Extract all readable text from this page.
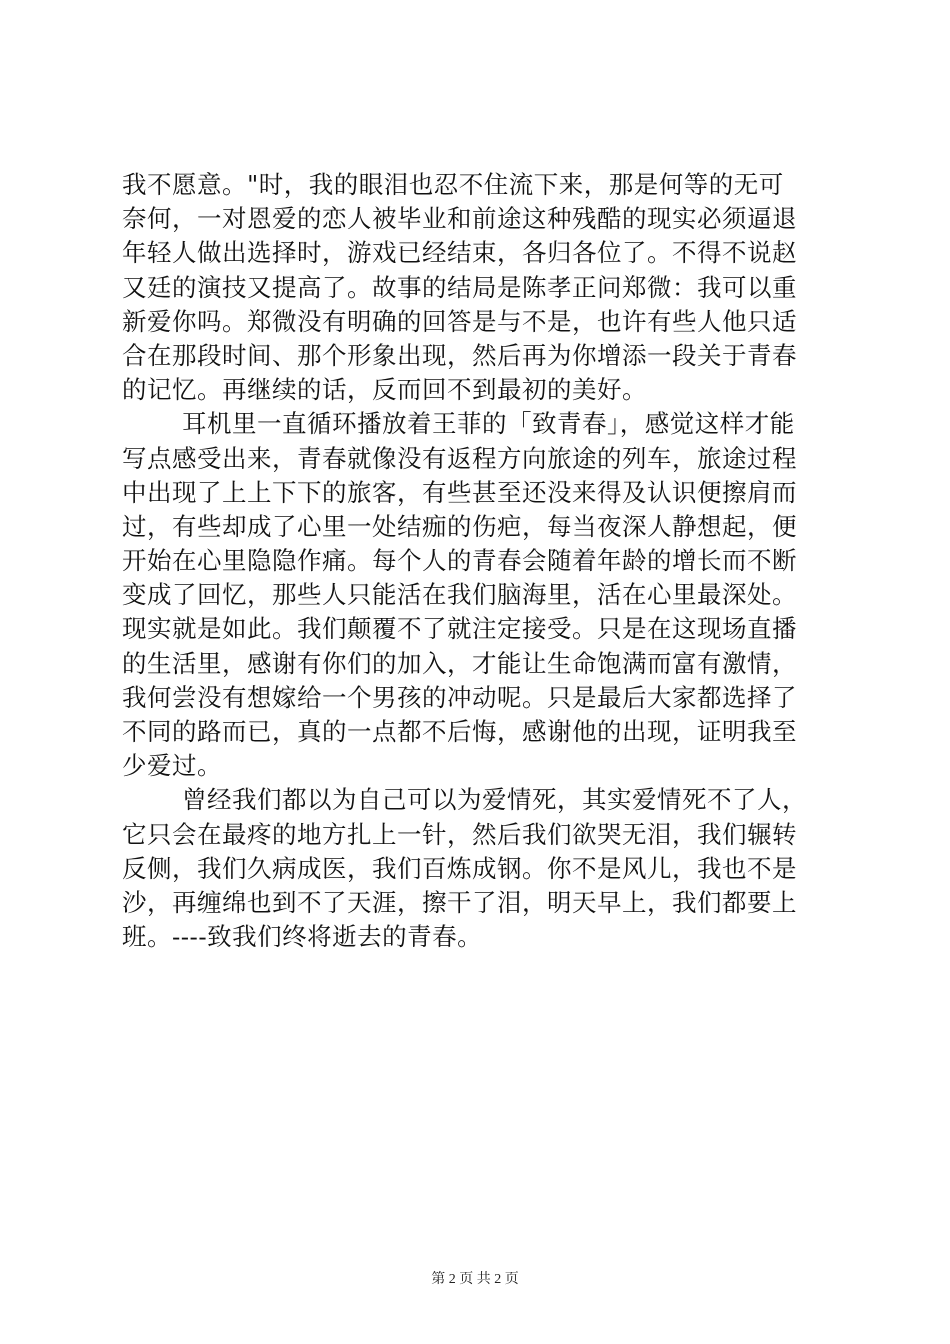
我不愿意。"时，我的眼泪也忍不住流下来，那是何等的无可
奈何，一对恩爱的恋人被毕业和前途这种残酷的现实必须逼退
年轻人做出选择时，游戏已经结束，各归各位了。不得不说赵
又廷的演技又提高了。故事的结局是陈孝正问郑微：我可以重
新爱你吗。郑微没有明确的回答是与不是，也许有些人他只适
合在那段时间、那个形象出现，然后再为你增添一段关于青春
的记忆。再继续的话，反而回不到最初的美好。
耳机里一直循环播放着王菲的「致青春」，感觉这样才能
写点感受出来，青春就像没有返程方向旅途的列车，旅途过程
中出现了上上下下的旅客，有些甚至还没来得及认识便擦肩而
过，有些却成了心里一处结痂的伤疤，每当夜深人静想起，便
开始在心里隐隐作痛。每个人的青春会随着年龄的增长而不断
变成了回忆，那些人只能活在我们脑海里，活在心里最深处。
现实就是如此。我们颠覆不了就注定接受。只是在这现场直播
的生活里，感谢有你们的加入，才能让生命饱满而富有激情，
我何尝没有想嫁给一个男孩的冲动呢。只是最后大家都选择了
不同的路而已，真的一点都不后悔，感谢他的出现，证明我至
少爱过。
曾经我们都以为自己可以为爱情死，其实爱情死不了人，
它只会在最疼的地方扎上一针，然后我们欲哭无泪，我们辗转
反侧，我们久病成医，我们百炼成钢。你不是风儿，我也不是
沙，再缠绵也到不了天涯，擦干了泪，明天早上，我们都要上
班。----致我们终将逝去的青春。
第 2 页 共 2 页
